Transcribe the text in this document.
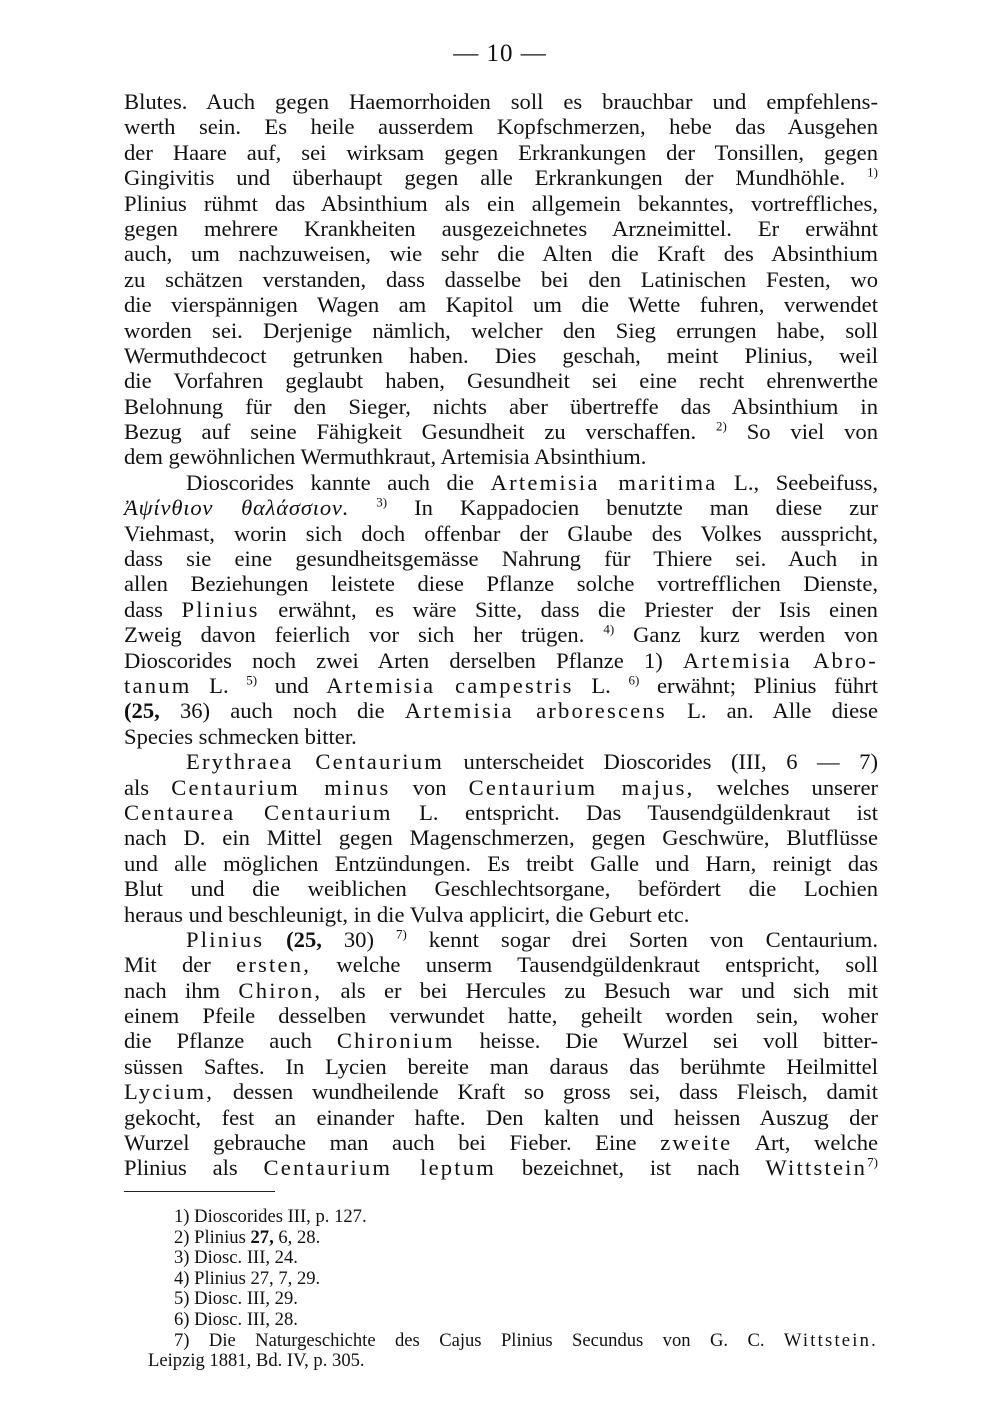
— 10 —
Blutes. Auch gegen Haemorrhoiden soll es brauchbar und empfehlens-
werth sein. Es heile ausserdem Kopfschmerzen, hebe das Ausgehen
der Haare auf, sei wirksam gegen Erkrankungen der Tonsillen, gegen
Gingivitis und überhaupt gegen alle Erkrankungen der Mundhöhle. $^{1)}$
Plinius rühmt das Absinthium als ein allgemein bekanntes, vortreffliches,
gegen mehrere Krankheiten ausgezeichnetes Arzneimittel. Er erwähnt
auch, um nachzuweisen, wie sehr die Alten die Kraft des Absinthium
zu schätzen verstanden, dass dasselbe bei den Latinischen Festen, wo
die vierspännigen Wagen am Kapitol um die Wette fuhren, verwendet
worden sei. Derjenige nämlich, welcher den Sieg errungen habe, soll
Wermuthdecoct getrunken haben. Dies geschah, meint Plinius, weil
die Vorfahren geglaubt haben, Gesundheit sei eine recht ehrenwerthe
Belohnung für den Sieger, nichts aber übertreffe das Absinthium in
Bezug auf seine Fähigkeit Gesundheit zu verschaffen. $^{2)}$ So viel von
dem gewöhnlichen Wermuthkraut, Artemisia Absinthium.
Dioscorides kannte auch die Artemisia maritima L., Seebeifuss,
Ἀψίνθιον θαλάσσιον. $^{3)}$ In Kappadocien benutzte man diese zur
Viehmast, worin sich doch offenbar der Glaube des Volkes ausspricht,
dass sie eine gesundheitsgemässe Nahrung für Thiere sei. Auch in
allen Beziehungen leistete diese Pflanze solche vortrefflichen Dienste,
dass Plinius erwähnt, es wäre Sitte, dass die Priester der Isis einen
Zweig davon feierlich vor sich her trügen. $^{4)}$ Ganz kurz werden von
Dioscorides noch zwei Arten derselben Pflanze 1) Artemisia Abro-
tanum L. $^{5)}$ und Artemisia campestris L. $^{6)}$ erwähnt; Plinius führt
(25, 36) auch noch die Artemisia arborescens L. an. Alle diese
Species schmecken bitter.
Erythraea Centaurium unterscheidet Dioscorides (III, 6 — 7)
als Centaurium minus von Centaurium majus, welches unserer
Centaurea Centaurium L. entspricht. Das Tausendgüldenkraut ist
nach D. ein Mittel gegen Magenschmerzen, gegen Geschwüre, Blutflüsse
und alle möglichen Entzündungen. Es treibt Galle und Harn, reinigt das
Blut und die weiblichen Geschlechtsorgane, befördert die Lochien
heraus und beschleunigt, in die Vulva applicirt, die Geburt etc.
Plinius (25, 30) $^{7)}$ kennt sogar drei Sorten von Centaurium.
Mit der ersten, welche unserm Tausendgüldenkraut entspricht, soll
nach ihm Chiron, als er bei Hercules zu Besuch war und sich mit
einem Pfeile desselben verwundet hatte, geheilt worden sein, woher
die Pflanze auch Chironium heisse. Die Wurzel sei voll bitter-
süssen Saftes. In Lycien bereite man daraus das berühmte Heilmittel
Lycium, dessen wundheilende Kraft so gross sei, dass Fleisch, damit
gekocht, fest an einander hafte. Den kalten und heissen Auszug der
Wurzel gebrauche man auch bei Fieber. Eine zweite Art, welche
Plinius als Centaurium leptum bezeichnet, ist nach Wittstein$^{7)}$
1) Dioscorides III, p. 127.
2) Plinius 27, 6, 28.
3) Diosc. III, 24.
4) Plinius 27, 7, 29.
5) Diosc. III, 29.
6) Diosc. III, 28.
7) Die Naturgeschichte des Cajus Plinius Secundus von G. C. Wittstein.
Leipzig 1881, Bd. IV, p. 305.
